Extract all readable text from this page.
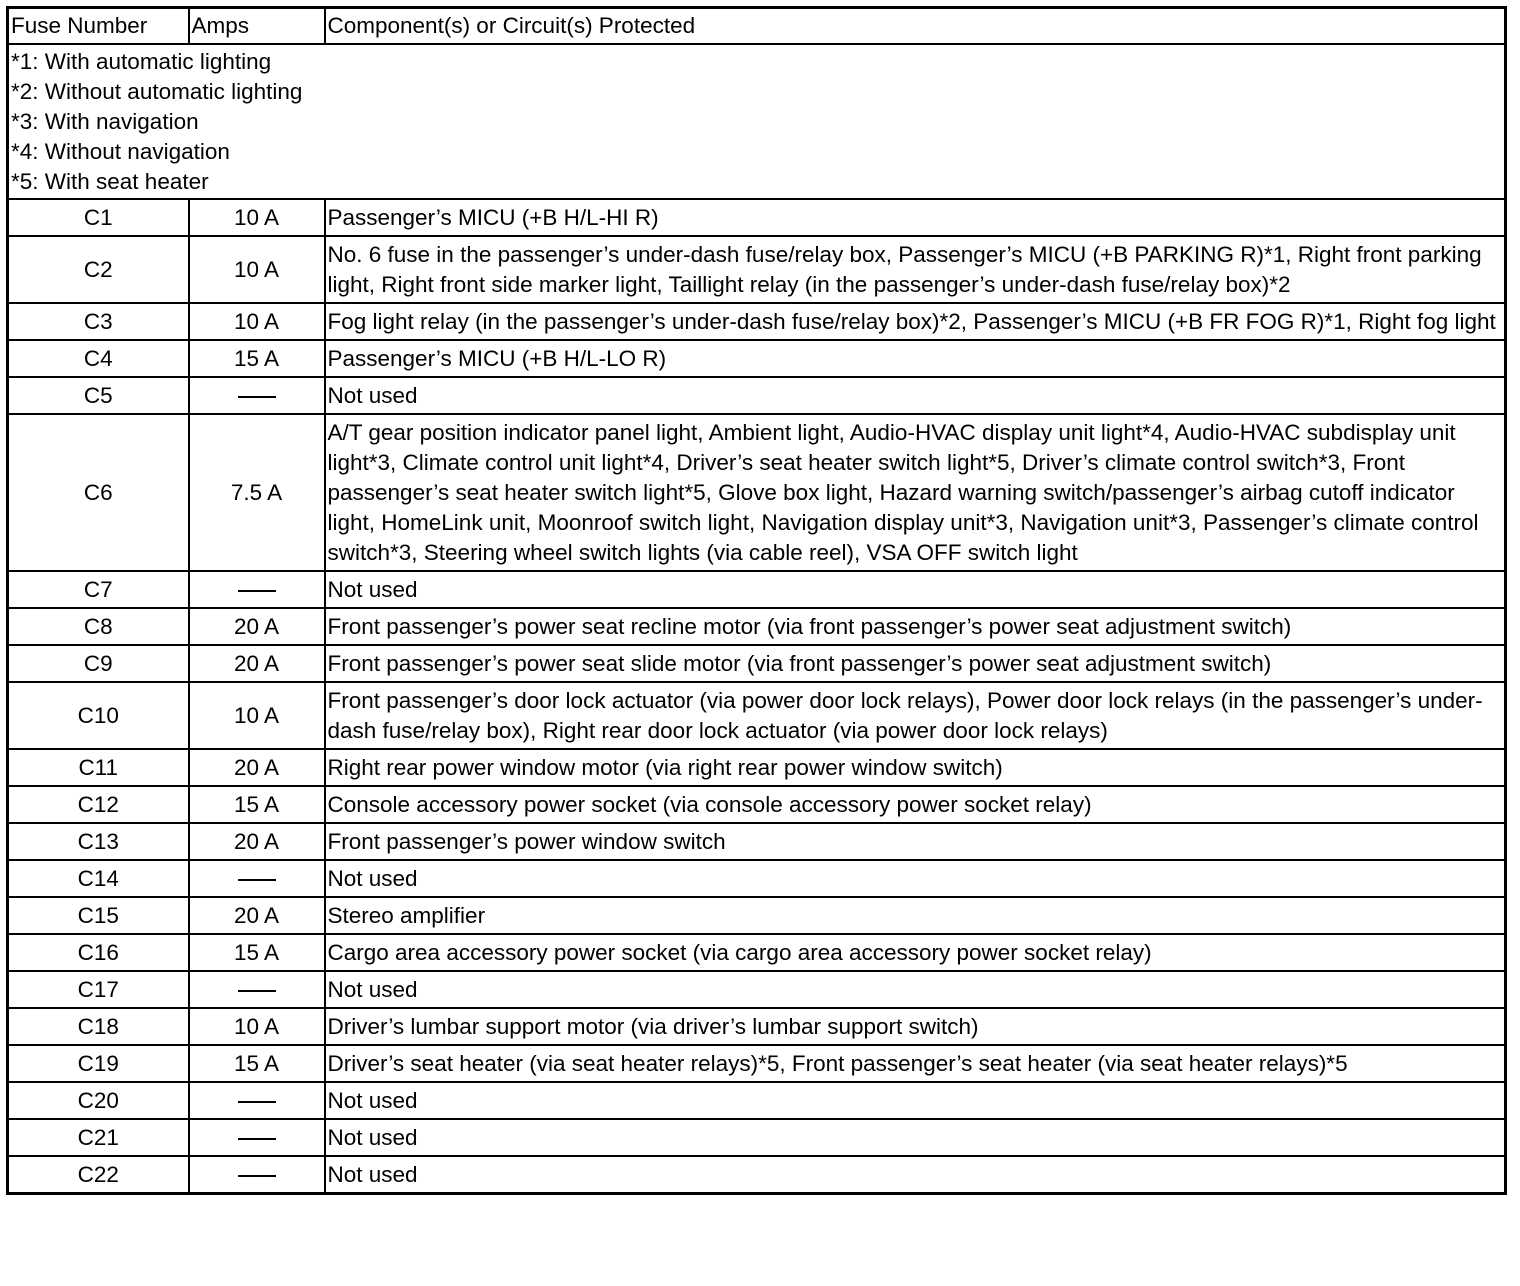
Fuse Number	Amps	Component(s) or Circuit(s) Protected

*1: With automatic lighting
*2: Without automatic lighting
*3: With navigation
*4: Without navigation
*5: With seat heater		

C1	10 A	Passenger’s MICU (+B H/L-HI R)
C2	10 A	No. 6 fuse in the passenger’s under-dash fuse/relay box, Passenger’s MICU (+B PARKING R)*1, Right front parking light, Right front side marker light, Taillight relay (in the passenger’s under-dash fuse/relay box)*2
C3	10 A	Fog light relay (in the passenger’s under-dash fuse/relay box)*2, Passenger’s MICU (+B FR FOG R)*1, Right fog light
C4	15 A	Passenger’s MICU (+B H/L-LO R)
C5		Not used
C6	7.5 A	A/T gear position indicator panel light, Ambient light, Audio-HVAC display unit light*4, Audio-HVAC subdisplay unit light*3, Climate control unit light*4, Driver’s seat heater switch light*5, Driver’s climate control switch*3, Front passenger’s seat heater switch light*5, Glove box light, Hazard warning switch/passenger’s airbag cutoff indicator light, HomeLink unit, Moonroof switch light, Navigation display unit*3, Navigation unit*3, Passenger’s climate control switch*3, Steering wheel switch lights (via cable reel), VSA OFF switch light
C7		Not used
C8	20 A	Front passenger’s power seat recline motor (via front passenger’s power seat adjustment switch)
C9	20 A	Front passenger’s power seat slide motor (via front passenger’s power seat adjustment switch)
C10	10 A	Front passenger’s door lock actuator (via power door lock relays), Power door lock relays (in the passenger’s under-dash fuse/relay box), Right rear door lock actuator (via power door lock relays)
C11	20 A	Right rear power window motor (via right rear power window switch)
C12	15 A	Console accessory power socket (via console accessory power socket relay)
C13	20 A	Front passenger’s power window switch
C14		Not used
C15	20 A	Stereo amplifier
C16	15 A	Cargo area accessory power socket (via cargo area accessory power socket relay)
C17		Not used
C18	10 A	Driver’s lumbar support motor (via driver’s lumbar support switch)
C19	15 A	Driver’s seat heater (via seat heater relays)*5, Front passenger’s seat heater (via seat heater relays)*5
C20		Not used
C21		Not used
C22		Not used
